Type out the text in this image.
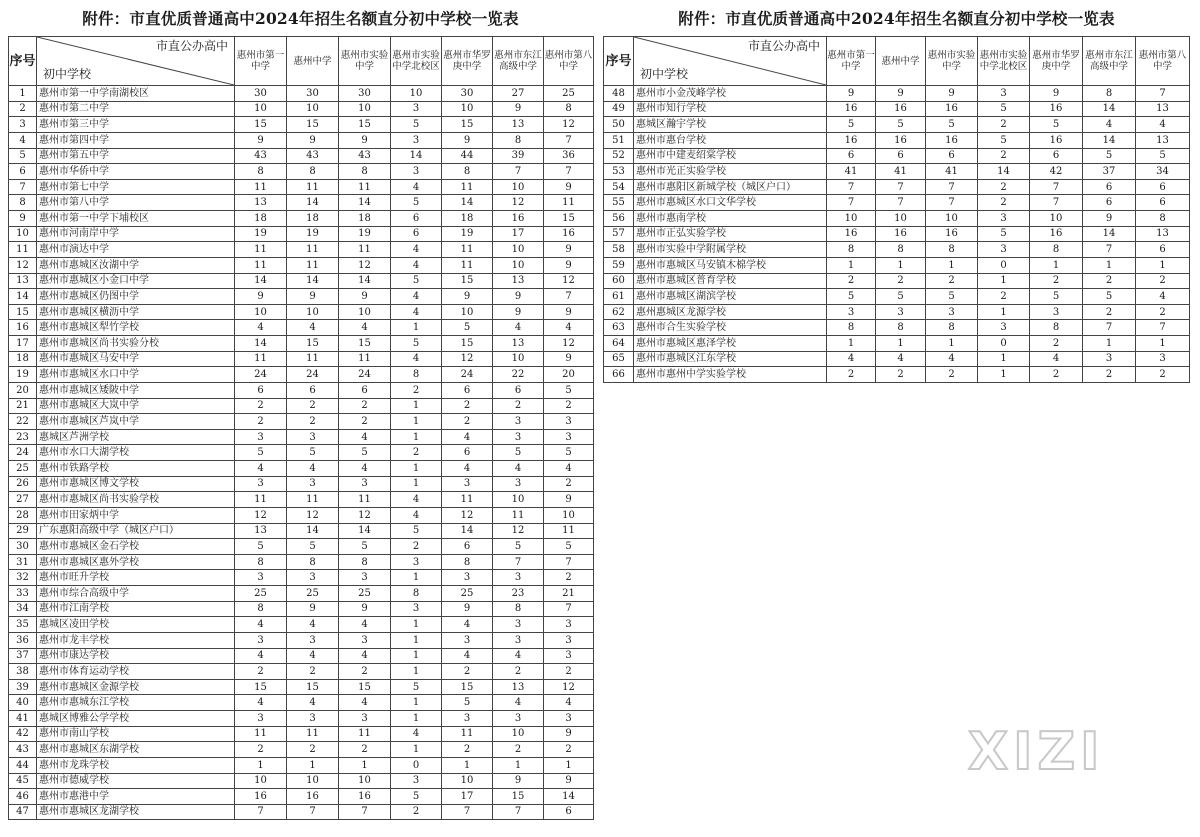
附件：市直优质普通高中2024年招生名额直分初中学校一览表
序号	市直公办高中
初中学校	惠州市第一中学	惠州中学	惠州市实验中学	惠州市实验中学北校区	惠州市华罗庚中学	惠州市东江高级中学	惠州市第八中学
1	惠州市第一中学南湖校区	30	30	30	10	30	27	25
2	惠州市第二中学	10	10	10	3	10	9	8
3	惠州市第三中学	15	15	15	5	15	13	12
4	惠州市第四中学	9	9	9	3	9	8	7
5	惠州市第五中学	43	43	43	14	44	39	36
6	惠州市华侨中学	8	8	8	3	8	7	7
7	惠州市第七中学	11	11	11	4	11	10	9
8	惠州市第八中学	13	14	14	5	14	12	11
9	惠州市第一中学下埔校区	18	18	18	6	18	16	15
10	惠州市河南岸中学	19	19	19	6	19	17	16
11	惠州市演达中学	11	11	11	4	11	10	9
12	惠州市惠城区汝湖中学	11	11	12	4	11	10	9
13	惠州市惠城区小金口中学	14	14	14	5	15	13	12
14	惠州市惠城区仍图中学	9	9	9	4	9	9	7
15	惠州市惠城区横沥中学	10	10	10	4	10	9	9
16	惠州市惠城区犁竹学校	4	4	4	1	5	4	4
17	惠州市惠城区尚书实验分校	14	15	15	5	15	13	12
18	惠州市惠城区马安中学	11	11	11	4	12	10	9
19	惠州市惠城区水口中学	24	24	24	8	24	22	20
20	惠州市惠城区矮陂中学	6	6	6	2	6	6	5
21	惠州市惠城区大岚中学	2	2	2	1	2	2	2
22	惠州市惠城区芦岚中学	2	2	2	1	2	3	3
23	惠城区芦洲学校	3	3	4	1	4	3	3
24	惠州市水口大湖学校	5	5	5	2	6	5	5
25	惠州市铁路学校	4	4	4	1	4	4	4
26	惠州市惠城区博文学校	3	3	3	1	3	3	2
27	惠州市惠城区尚书实验学校	11	11	11	4	11	10	9
28	惠州市田家炳中学	12	12	12	4	12	11	10
29	广东惠阳高级中学（城区户口）	13	14	14	5	14	12	11
30	惠州市惠城区金石学校	5	5	5	2	6	5	5
31	惠州市惠城区惠外学校	8	8	8	3	8	7	7
32	惠州市旺升学校	3	3	3	1	3	3	2
33	惠州市综合高级中学	25	25	25	8	25	23	21
34	惠州市江南学校	8	9	9	3	9	8	7
35	惠城区凌田学校	4	4	4	1	4	3	3
36	惠州市龙丰学校	3	3	3	1	3	3	3
37	惠州市康达学校	4	4	4	1	4	4	3
38	惠州市体育运动学校	2	2	2	1	2	2	2
39	惠州市惠城区金源学校	15	15	15	5	15	13	12
40	惠州市惠城东江学校	4	4	4	1	5	4	4
41	惠城区博雅公学学校	3	3	3	1	3	3	3
42	惠州市南山学校	11	11	11	4	11	10	9
43	惠州市惠城区东湖学校	2	2	2	1	2	2	2
44	惠州市龙珠学校	1	1	1	0	1	1	1
45	惠州市德威学校	10	10	10	3	10	9	9
46	惠州市惠港中学	16	16	16	5	17	15	14
47	惠州市惠城区龙湖学校	7	7	7	2	7	7	6
附件：市直优质普通高中2024年招生名额直分初中学校一览表
序号	市直公办高中
初中学校	惠州市第一中学	惠州中学	惠州市实验中学	惠州市实验中学北校区	惠州市华罗庚中学	惠州市东江高级中学	惠州市第八中学
48	惠州市小金茂峰学校	9	9	9	3	9	8	7
49	惠州市知行学校	16	16	16	5	16	14	13
50	惠城区瀚宇学校	5	5	5	2	5	4	4
51	惠州市惠台学校	16	16	16	5	16	14	13
52	惠州市中建麦绍棠学校	6	6	6	2	6	5	5
53	惠州市光正实验学校	41	41	41	14	42	37	34
54	惠州市惠阳区新城学校（城区户口）	7	7	7	2	7	6	6
55	惠州市惠城区水口文华学校	7	7	7	2	7	6	6
56	惠州市惠南学校	10	10	10	3	10	9	8
57	惠州市正弘实验学校	16	16	16	5	16	14	13
58	惠州市实验中学附属学校	8	8	8	3	8	7	6
59	惠州市惠城区马安镇木棉学校	1	1	1	0	1	1	1
60	惠州市惠城区普育学校	2	2	2	1	2	2	2
61	惠州市惠城区湖滨学校	5	5	5	2	5	5	4
62	惠州惠城区龙源学校	3	3	3	1	3	2	2
63	惠州市合生实验学校	8	8	8	3	8	7	7
64	惠州市惠城区惠泽学校	1	1	1	0	2	1	1
65	惠州市惠城区江东学校	4	4	4	1	4	3	3
66	惠州市惠州中学实验学校	2	2	2	1	2	2	2
XIZI
